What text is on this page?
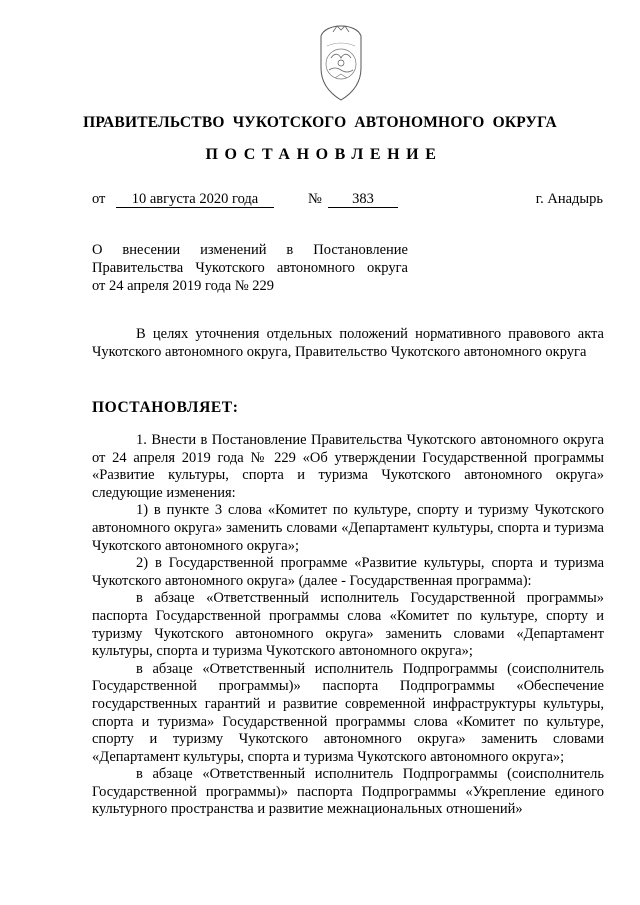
ПРАВИТЕЛЬСТВО ЧУКОТСКОГО АВТОНОМНОГО ОКРУГА
ПОСТАНОВЛЕНИЕ
от	10 августа 2020 года	№	383	г. Анадырь
О внесении изменений в Постановление
Правительства Чукотского автономного округа
от 24 апреля 2019 года № 229

В целях уточнения отдельных положений нормативного правового акта Чукотского автономного округа, Правительство Чукотского автономного округа

ПОСТАНОВЛЯЕТ:

1. Внести в Постановление Правительства Чукотского автономного округа от 24 апреля 2019 года № 229 «Об утверждении Государственной программы «Развитие культуры, спорта и туризма Чукотского автономного округа» следующие изменения:

1) в пункте 3 слова «Комитет по культуре, спорту и туризму Чукотского автономного округа» заменить словами «Департамент культуры, спорта и туризма Чукотского автономного округа»;

2) в Государственной программе «Развитие культуры, спорта и туризма Чукотского автономного округа» (далее - Государственная программа):

в абзаце «Ответственный исполнитель Государственной программы» паспорта Государственной программы слова «Комитет по культуре, спорту и туризму Чукотского автономного округа» заменить словами «Департамент культуры, спорта и туризма Чукотского автономного округа»;

в абзаце «Ответственный исполнитель Подпрограммы (соисполнитель Государственной программы)» паспорта Подпрограммы «Обеспечение государственных гарантий и развитие современной инфраструктуры культуры, спорта и туризма» Государственной программы слова «Комитет по культуре, спорту и туризму Чукотского автономного округа» заменить словами «Департамент культуры, спорта и туризма Чукотского автономного округа»;

в абзаце «Ответственный исполнитель Подпрограммы (соисполнитель Государственной программы)» паспорта Подпрограммы «Укрепление единого культурного пространства и развитие межнациональных отношений»
